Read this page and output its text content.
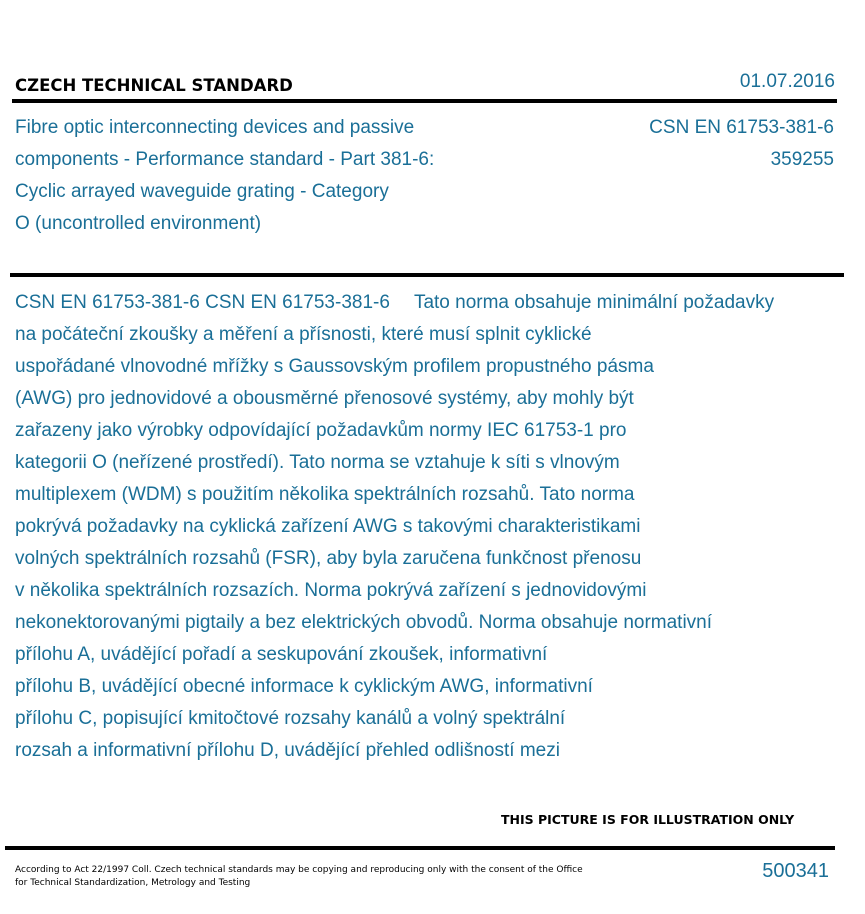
CZECH TECHNICAL STANDARD	01.07.2016
Fibre optic interconnecting devices and passive
components - Performance standard - Part 381-6:
Cyclic arrayed waveguide grating - Category
O (uncontrolled environment)
CSN EN 61753-381-6
359255
CSN EN 61753-381-6 CSN EN 61753-381-6 Tato norma obsahuje minimální požadavky
na počáteční zkoušky a měření a přísnosti, které musí splnit cyklické
uspořádané vlnovodné mřížky s Gaussovským profilem propustného pásma
(AWG) pro jednovidové a obousměrné přenosové systémy, aby mohly být
zařazeny jako výrobky odpovídající požadavkům normy IEC 61753-1 pro
kategorii O (neřízené prostředí). Tato norma se vztahuje k síti s vlnovým
multiplexem (WDM) s použitím několika spektrálních rozsahů. Tato norma
pokrývá požadavky na cyklická zařízení AWG s takovými charakteristikami
volných spektrálních rozsahů (FSR), aby byla zaručena funkčnost přenosu
v několika spektrálních rozsazích. Norma pokrývá zařízení s jednovidovými
nekonektorovanými pigtaily a bez elektrických obvodů. Norma obsahuje normativní
přílohu A, uvádějící pořadí a seskupování zkoušek, informativní
přílohu B, uvádějící obecné informace k cyklickým AWG, informativní
přílohu C, popisující kmitočtové rozsahy kanálů a volný spektrální
rozsah a informativní přílohu D, uvádějící přehled odlišností mezi
THIS PICTURE IS FOR ILLUSTRATION ONLY
According to Act 22/1997 Coll. Czech technical standards may be copying and reproducing only with the consent of the Office
for Technical Standardization, Metrology and Testing
500341
